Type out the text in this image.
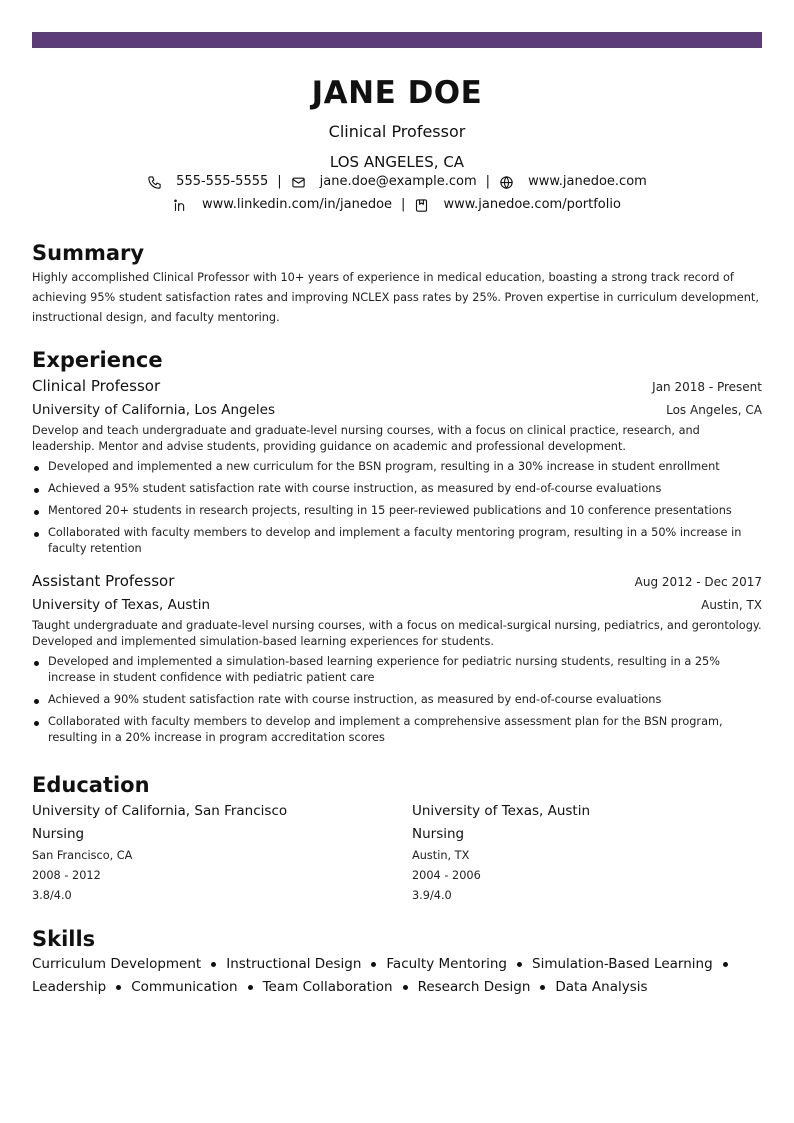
JANE DOE
Clinical Professor
LOS ANGELES, CA
555-555-5555 |	jane.doe@example.com |	www.janedoe.com
www.linkedin.com/in/janedoe |	www.janedoe.com/portfolio
Summary
Highly accomplished Clinical Professor with 10+ years of experience in medical education, boasting a strong track record of achieving 95% student satisfaction rates and improving NCLEX pass rates by 25%. Proven expertise in curriculum development, instructional design, and faculty mentoring.
Experience
Clinical Professor	Jan 2018 - Present
University of California, Los Angeles	Los Angeles, CA
Develop and teach undergraduate and graduate-level nursing courses, with a focus on clinical practice, research, and leadership. Mentor and advise students, providing guidance on academic and professional development.
Developed and implemented a new curriculum for the BSN program, resulting in a 30% increase in student enrollment
Achieved a 95% student satisfaction rate with course instruction, as measured by end-of-course evaluations
Mentored 20+ students in research projects, resulting in 15 peer-reviewed publications and 10 conference presentations
Collaborated with faculty members to develop and implement a faculty mentoring program, resulting in a 50% increase in faculty retention
Assistant Professor	Aug 2012 - Dec 2017
University of Texas, Austin	Austin, TX
Taught undergraduate and graduate-level nursing courses, with a focus on medical-surgical nursing, pediatrics, and gerontology. Developed and implemented simulation-based learning experiences for students.
Developed and implemented a simulation-based learning experience for pediatric nursing students, resulting in a 25% increase in student confidence with pediatric patient care
Achieved a 90% student satisfaction rate with course instruction, as measured by end-of-course evaluations
Collaborated with faculty members to develop and implement a comprehensive assessment plan for the BSN program, resulting in a 20% increase in program accreditation scores
Education
University of California, San Francisco
Nursing
San Francisco, CA
2008 - 2012
3.8/4.0
University of Texas, Austin
Nursing
Austin, TX
2004 - 2006
3.9/4.0
Skills
Curriculum Development Instructional Design Faculty Mentoring Simulation-Based Learning
Leadership Communication Team Collaboration Research Design Data Analysis
